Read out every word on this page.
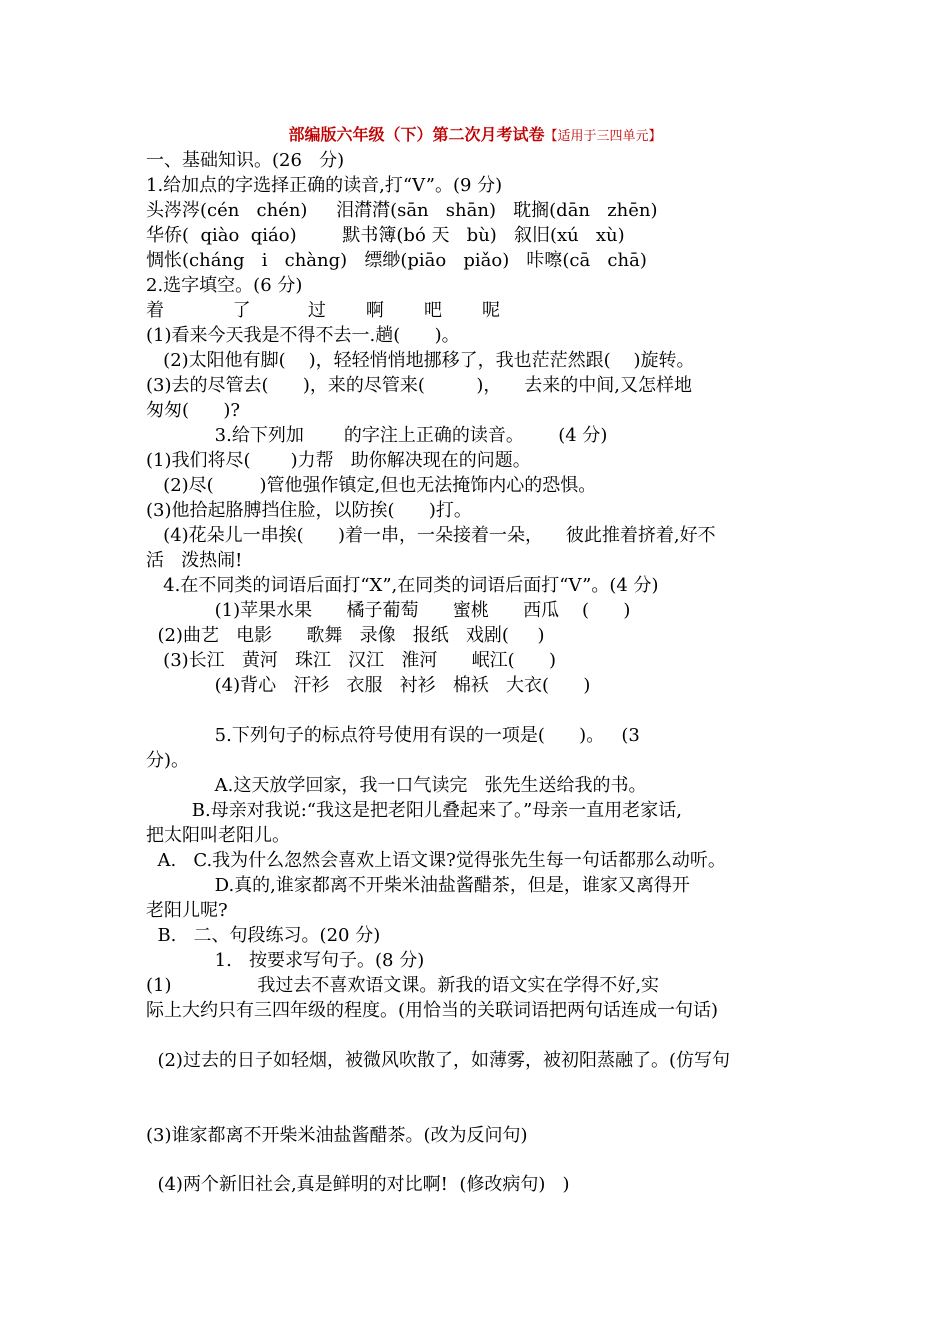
部编版六年级（下）第二次月考试卷【适用于三四单元】
一、基础知识。(26   分)
1.给加点的字选择正确的读音,打“V”。(9 分)
头涔涔(cén   chén)     泪潸潸(sān   shān)   耽搁(dān   zhēn)
华侨(  qiào  qiáo)        默书簿(bó 天   bù)   叙旧(xú   xù)
惆怅(cháng   i   chàng)   缥缈(piāo   piǎo)   咔嚓(cā   chā)
2.选字填空。(6 分)
着            了          过       啊       吧       呢
(1)看来今天我是不得不去一.趟(      )。
(2)太阳他有脚(    )，轻轻悄悄地挪移了，我也茫茫然跟(    )旋转。
(3)去的尽管去(      )，来的尽管来(         )，    去来的中间,又怎样地
匆匆(      )?
3.给下列加       的字注上正确的读音。      (4 分)
(1)我们将尽(       )力帮   助你解决现在的问题。
(2)尽(        )管他强作镇定,但也无法掩饰内心的恐惧。
(3)他拾起胳膊挡住脸，以防挨(      )打。
(4)花朵儿一串挨(      )着一串，一朵接着一朵，    彼此推着挤着,好不
活   泼热闹!
4.在不同类的词语后面打“X”,在同类的词语后面打“V”。(4 分)
(1)苹果水果      橘子葡萄      蜜桃      西瓜    (      )
(2)曲艺   电影      歌舞   录像   报纸   戏剧(     )
(3)长江   黄河   珠江   汉江   淮河      岷江(      )
(4)背心   汗衫   衣服   衬衫   棉袄   大衣(      )
5.下列句子的标点符号使用有误的一项是(      )。   (3
分)。
A.这天放学回家，我一口气读完   张先生送给我的书。
B.母亲对我说:“我这是把老阳儿叠起来了。”母亲一直用老家话,
把太阳叫老阳儿。
A.   C.我为什么忽然会喜欢上语文课?觉得张先生每一句话都那么动听。
D.真的,谁家都离不开柴米油盐酱醋茶，但是，谁家又离得开
老阳儿呢?
B.   二、句段练习。(20 分)
1.   按要求写句子。(8 分)
(1)               我过去不喜欢语文课。新我的语文实在学得不好,实
际上大约只有三四年级的程度。(用恰当的关联词语把两句话连成一句话)
(2)过去的日子如轻烟，被微风吹散了，如薄雾，被初阳蒸融了。(仿写句
(3)谁家都离不开柴米油盐酱醋茶。(改为反问句)
(4)两个新旧社会,真是鲜明的对比啊!  (修改病句)   )
